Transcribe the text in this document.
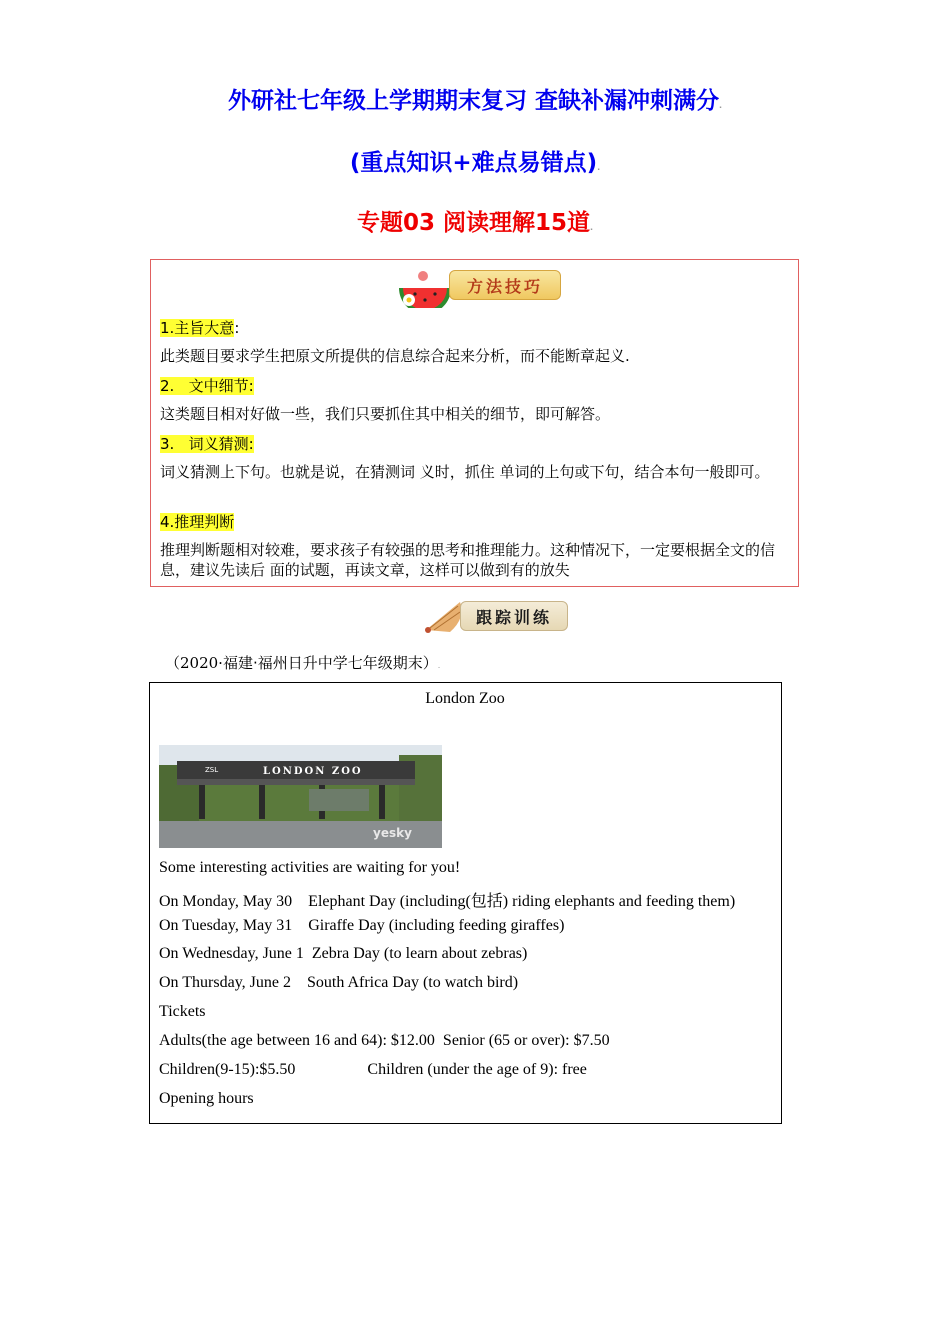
外研社七年级上学期期末复习 查缺补漏冲刺满分.
(重点知识+难点易错点).
专题03 阅读理解15道.
方法技巧
1.主旨大意:
此类题目要求学生把原文所提供的信息综合起来分析，而不能断章起义.
2.   文中细节:
这类题目相对好做一些，我们只要抓住其中相关的细节，即可解答。
3.   词义猜测:
词义猜测上下句。也就是说，在猜测词 义时，抓住 单词的上句或下句，结合本句一般即可。
4.推理判断
推理判断题相对较难，要求孩子有较强的思考和推理能力。这种情况下，一定要根据全文的信息，建议先读后 面的试题，再读文章，这样可以做到有的放失
跟踪训练
（2020·福建·福州日升中学七年级期末）.
London Zoo
LONDON ZOO
ZSL
yesky
Some interesting activities are waiting for you!
On Monday, May 30    Elephant Day (including(包括) riding elephants and feeding them)
On Tuesday, May 31    Giraffe Day (including feeding giraffes)
On Wednesday, June 1  Zebra Day (to learn about zebras)
On Thursday, June 2    South Africa Day (to watch bird)
Tickets
Adults(the age between 16 and 64): $12.00  Senior (65 or over): $7.50
Children(9-15):$5.50                  Children (under the age of 9): free
Opening hours
